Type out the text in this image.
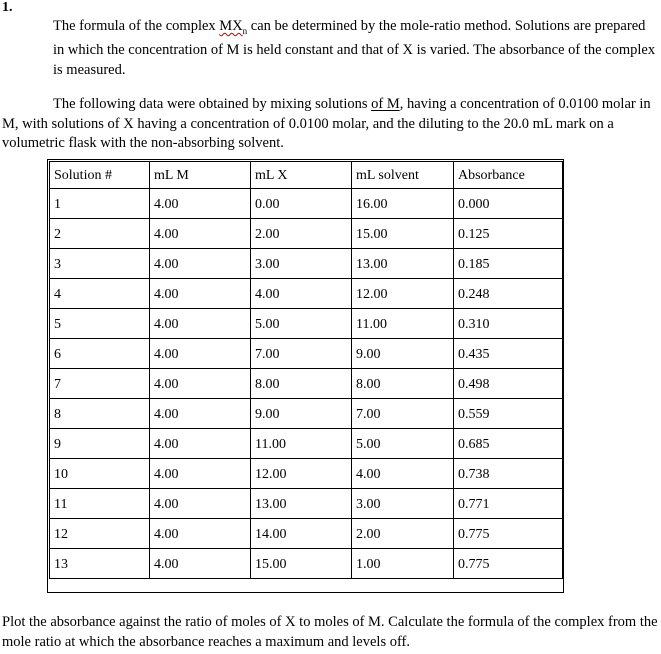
1.
The formula of the complex $MX_n$ can be determined by the mole-ratio method. Solutions are prepared in which the concentration of M is held constant and that of X is varied. The absorbance of the complex is measured.
The following data were obtained by mixing solutions of M, having a concentration of 0.0100 molar in M, with solutions of X having a concentration of 0.0100 molar, and the diluting to the 20.0 mL mark on a volumetric flask with the non-absorbing solvent.
Solution #	mL M	mL X	mL solvent	Absorbance
1	4.00	0.00	16.00	0.000
2	4.00	2.00	15.00	0.125
3	4.00	3.00	13.00	0.185
4	4.00	4.00	12.00	0.248
5	4.00	5.00	11.00	0.310
6	4.00	7.00	9.00	0.435
7	4.00	8.00	8.00	0.498
8	4.00	9.00	7.00	0.559
9	4.00	11.00	5.00	0.685
10	4.00	12.00	4.00	0.738
11	4.00	13.00	3.00	0.771
12	4.00	14.00	2.00	0.775
13	4.00	15.00	1.00	0.775
Plot the absorbance against the ratio of moles of X to moles of M. Calculate the formula of the complex from the mole ratio at which the absorbance reaches a maximum and levels off.
